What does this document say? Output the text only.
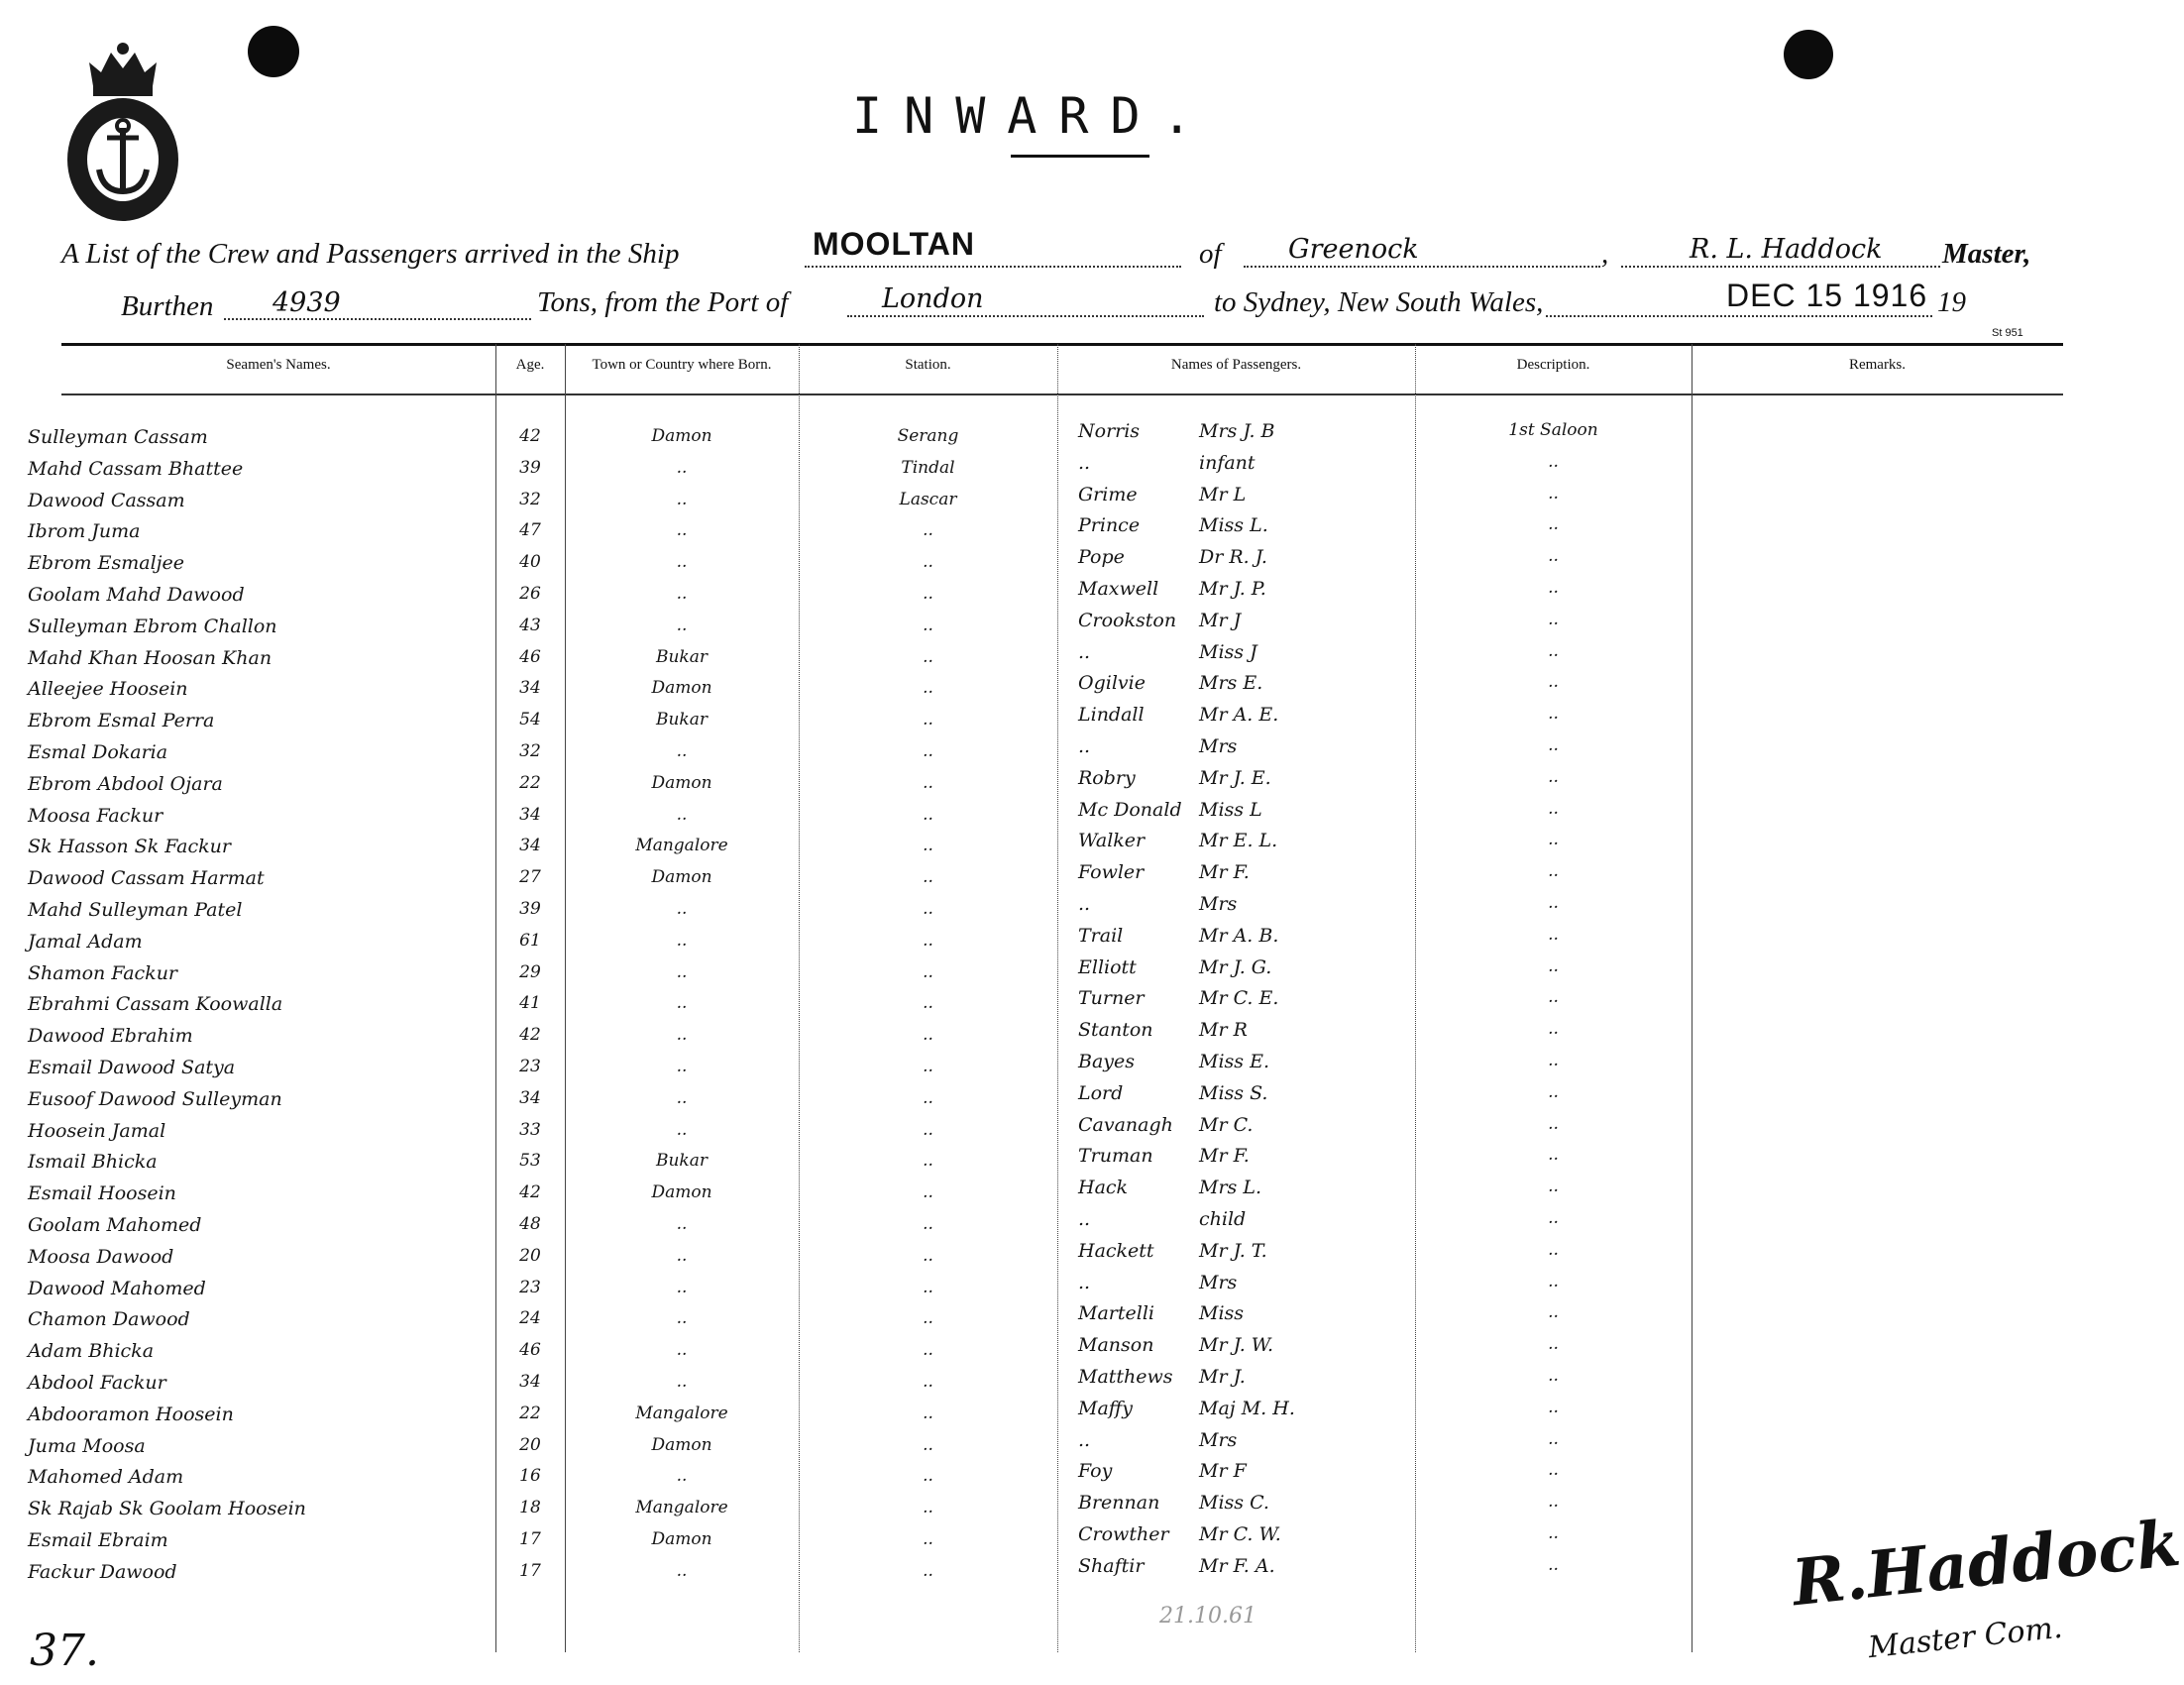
INWARD.
A List of the Crew and Passengers arrived in the Ship	MOOLTAN	of Greenock	,	R. L. Haddock Master,
Burthen 4939	Tons, from the Port of	London	to Sydney, New South Wales,	DEC 15 1916 19
St 951
Seamen's Names.	Age.	Town or Country where Born.	Station.	Names of Passengers.	Description.	Remarks.
Sulleyman Cassam	42	Damon	Serang
Mahd Cassam Bhattee	39	..	Tindal
Dawood Cassam	32	..	Lascar
Ibrom Juma	47	..	..
Ebrom Esmaljee	40	..	..
Goolam Mahd Dawood	26	..	..
Sulleyman Ebrom Challon	43	..	..
Mahd Khan Hoosan Khan	46	Bukar	..
Alleejee Hoosein	34	Damon	..
Ebrom Esmal Perra	54	Bukar	..
Esmal Dokaria	32	..	..
Ebrom Abdool Ojara	22	Damon	..
Moosa Fackur	34	..	..
Sk Hasson Sk Fackur	34	Mangalore	..
Dawood Cassam Harmat	27	Damon	..
Mahd Sulleyman Patel	39	..	..
Jamal Adam	61	..	..
Shamon Fackur	29	..	..
Ebrahmi Cassam Koowalla	41	..	..
Dawood Ebrahim	42	..	..
Esmail Dawood Satya	23	..	..
Eusoof Dawood Sulleyman	34	..	..
Hoosein Jamal	33	..	..
Ismail Bhicka	53	Bukar	..
Esmail Hoosein	42	Damon	..
Goolam Mahomed	48	..	..
Moosa Dawood	20	..	..
Dawood Mahomed	23	..	..
Chamon Dawood	24	..	..
Adam Bhicka	46	..	..
Abdool Fackur	34	..	..
Abdooramon Hoosein	22	Mangalore	..
Juma Moosa	20	Damon	..
Mahomed Adam	16	..	..
Sk Rajab Sk Goolam Hoosein	18	Mangalore	..
Esmail Ebraim	17	Damon	..
Fackur Dawood	17	..	..
Norris	Mrs J. B	1st Saloon
..	infant	..
Grime	Mr L	..
Prince	Miss L.	..
Pope	Dr R. J.	..
Maxwell Mr J. P.	..
Crookston Mr J	..
..	Miss J	..
Ogilvie	Mrs E.	..
Lindall	Mr A. E.	..
..	Mrs	..
Robry	Mr J. E.	..
Mc Donald Miss L	..
Walker	Mr E. L.	..
Fowler	Mr F.	..
..	Mrs	..
Trail	Mr A. B.	..
Elliott	Mr J. G.	..
Turner	Mr C. E.	..
Stanton Mr R	..
Bayes	Miss E.	..
Lord	Miss S.	..
Cavanagh Mr C.	..
Truman Mr F.	..
Hack	Mrs L.	..
..	child	..
Hackett Mr J. T.	..
..	Mrs	..
Martelli Miss	..
Manson Mr J. W.	..
Matthews Mr J.	..
Maffy	Maj M. H.	..
..	Mrs	..
Foy	Mr F	..
Brennan Miss C.	..
Crowther Mr C. W.	..
Shaftir	Mr F. A.	..
37.
21.10.61	R.Haddock
Master Com.
